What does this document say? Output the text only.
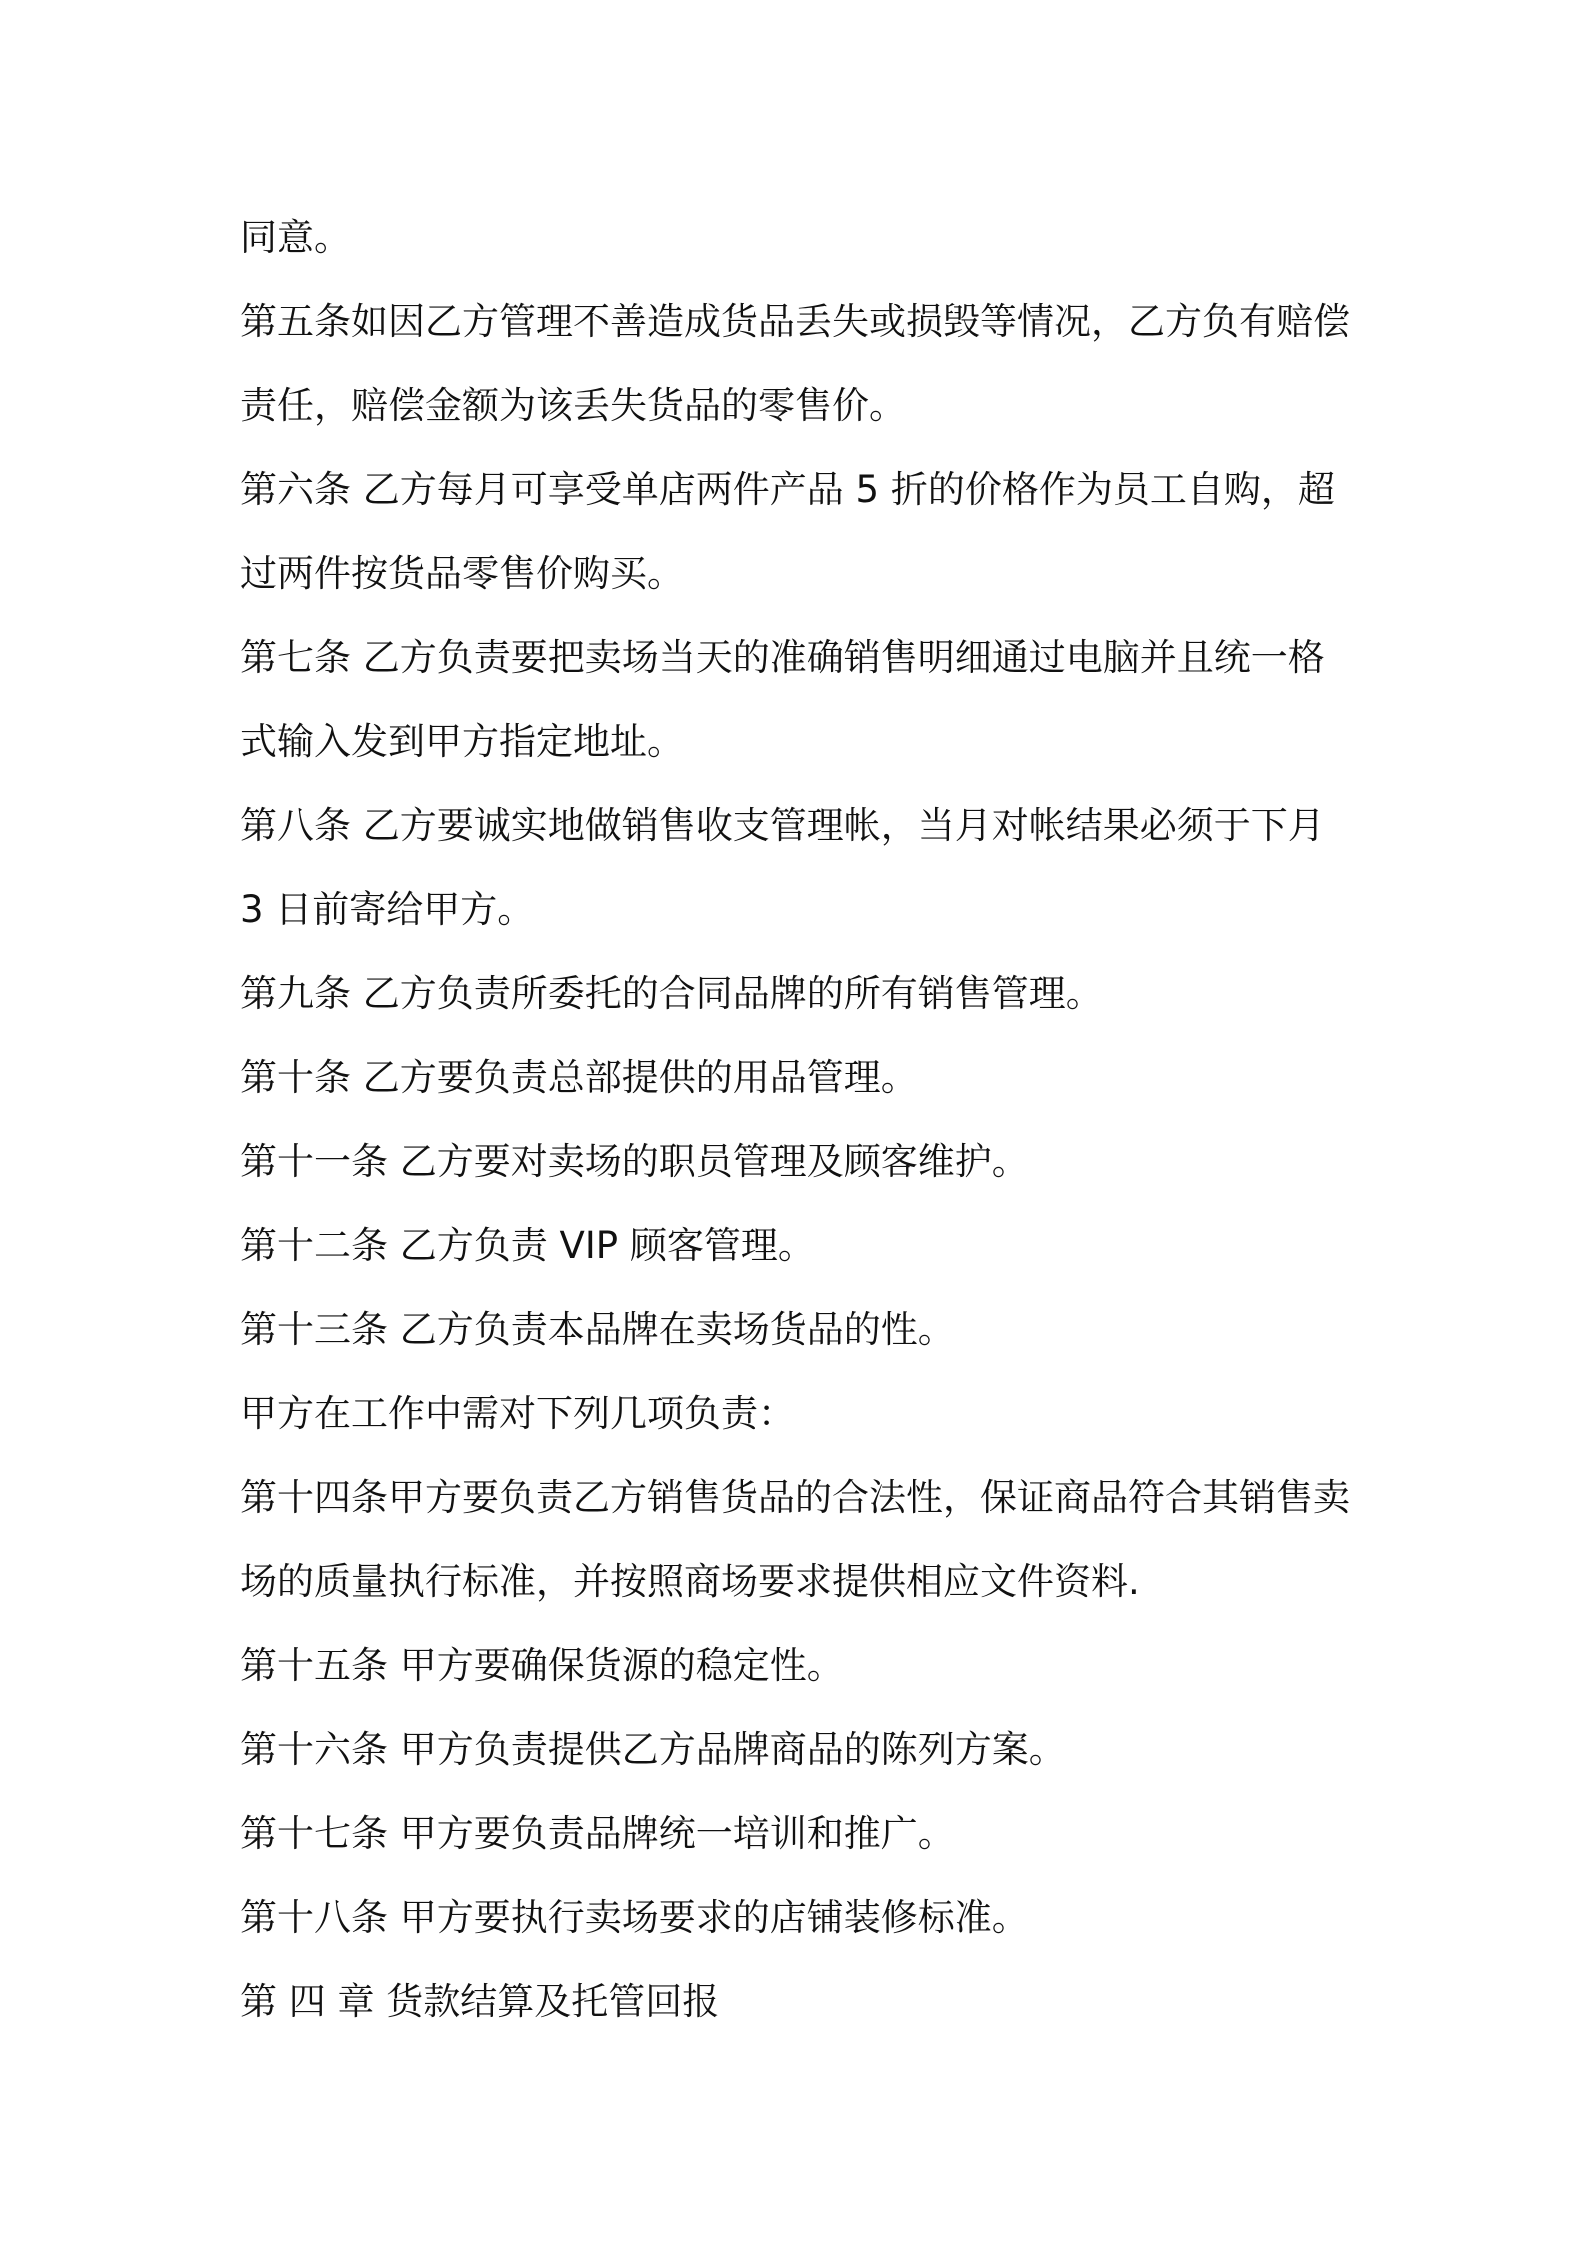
同意。
第五条如因乙方管理不善造成货品丢失或损毁等情况，乙方负有赔偿
责任，赔偿金额为该丢失货品的零售价。
第六条 乙方每月可享受单店两件产品 5 折的价格作为员工自购，超
过两件按货品零售价购买。
第七条 乙方负责要把卖场当天的准确销售明细通过电脑并且统一格
式输入发到甲方指定地址。
第八条 乙方要诚实地做销售收支管理帐，当月对帐结果必须于下月
3 日前寄给甲方。
第九条 乙方负责所委托的合同品牌的所有销售管理。
第十条 乙方要负责总部提供的用品管理。
第十一条 乙方要对卖场的职员管理及顾客维护。
第十二条 乙方负责 VIP 顾客管理。
第十三条 乙方负责本品牌在卖场货品的性。
甲方在工作中需对下列几项负责：
第十四条甲方要负责乙方销售货品的合法性，保证商品符合其销售卖
场的质量执行标准，并按照商场要求提供相应文件资料.
第十五条 甲方要确保货源的稳定性。
第十六条 甲方负责提供乙方品牌商品的陈列方案。
第十七条 甲方要负责品牌统一培训和推广。
第十八条 甲方要执行卖场要求的店铺装修标准。
第 四 章 货款结算及托管回报
